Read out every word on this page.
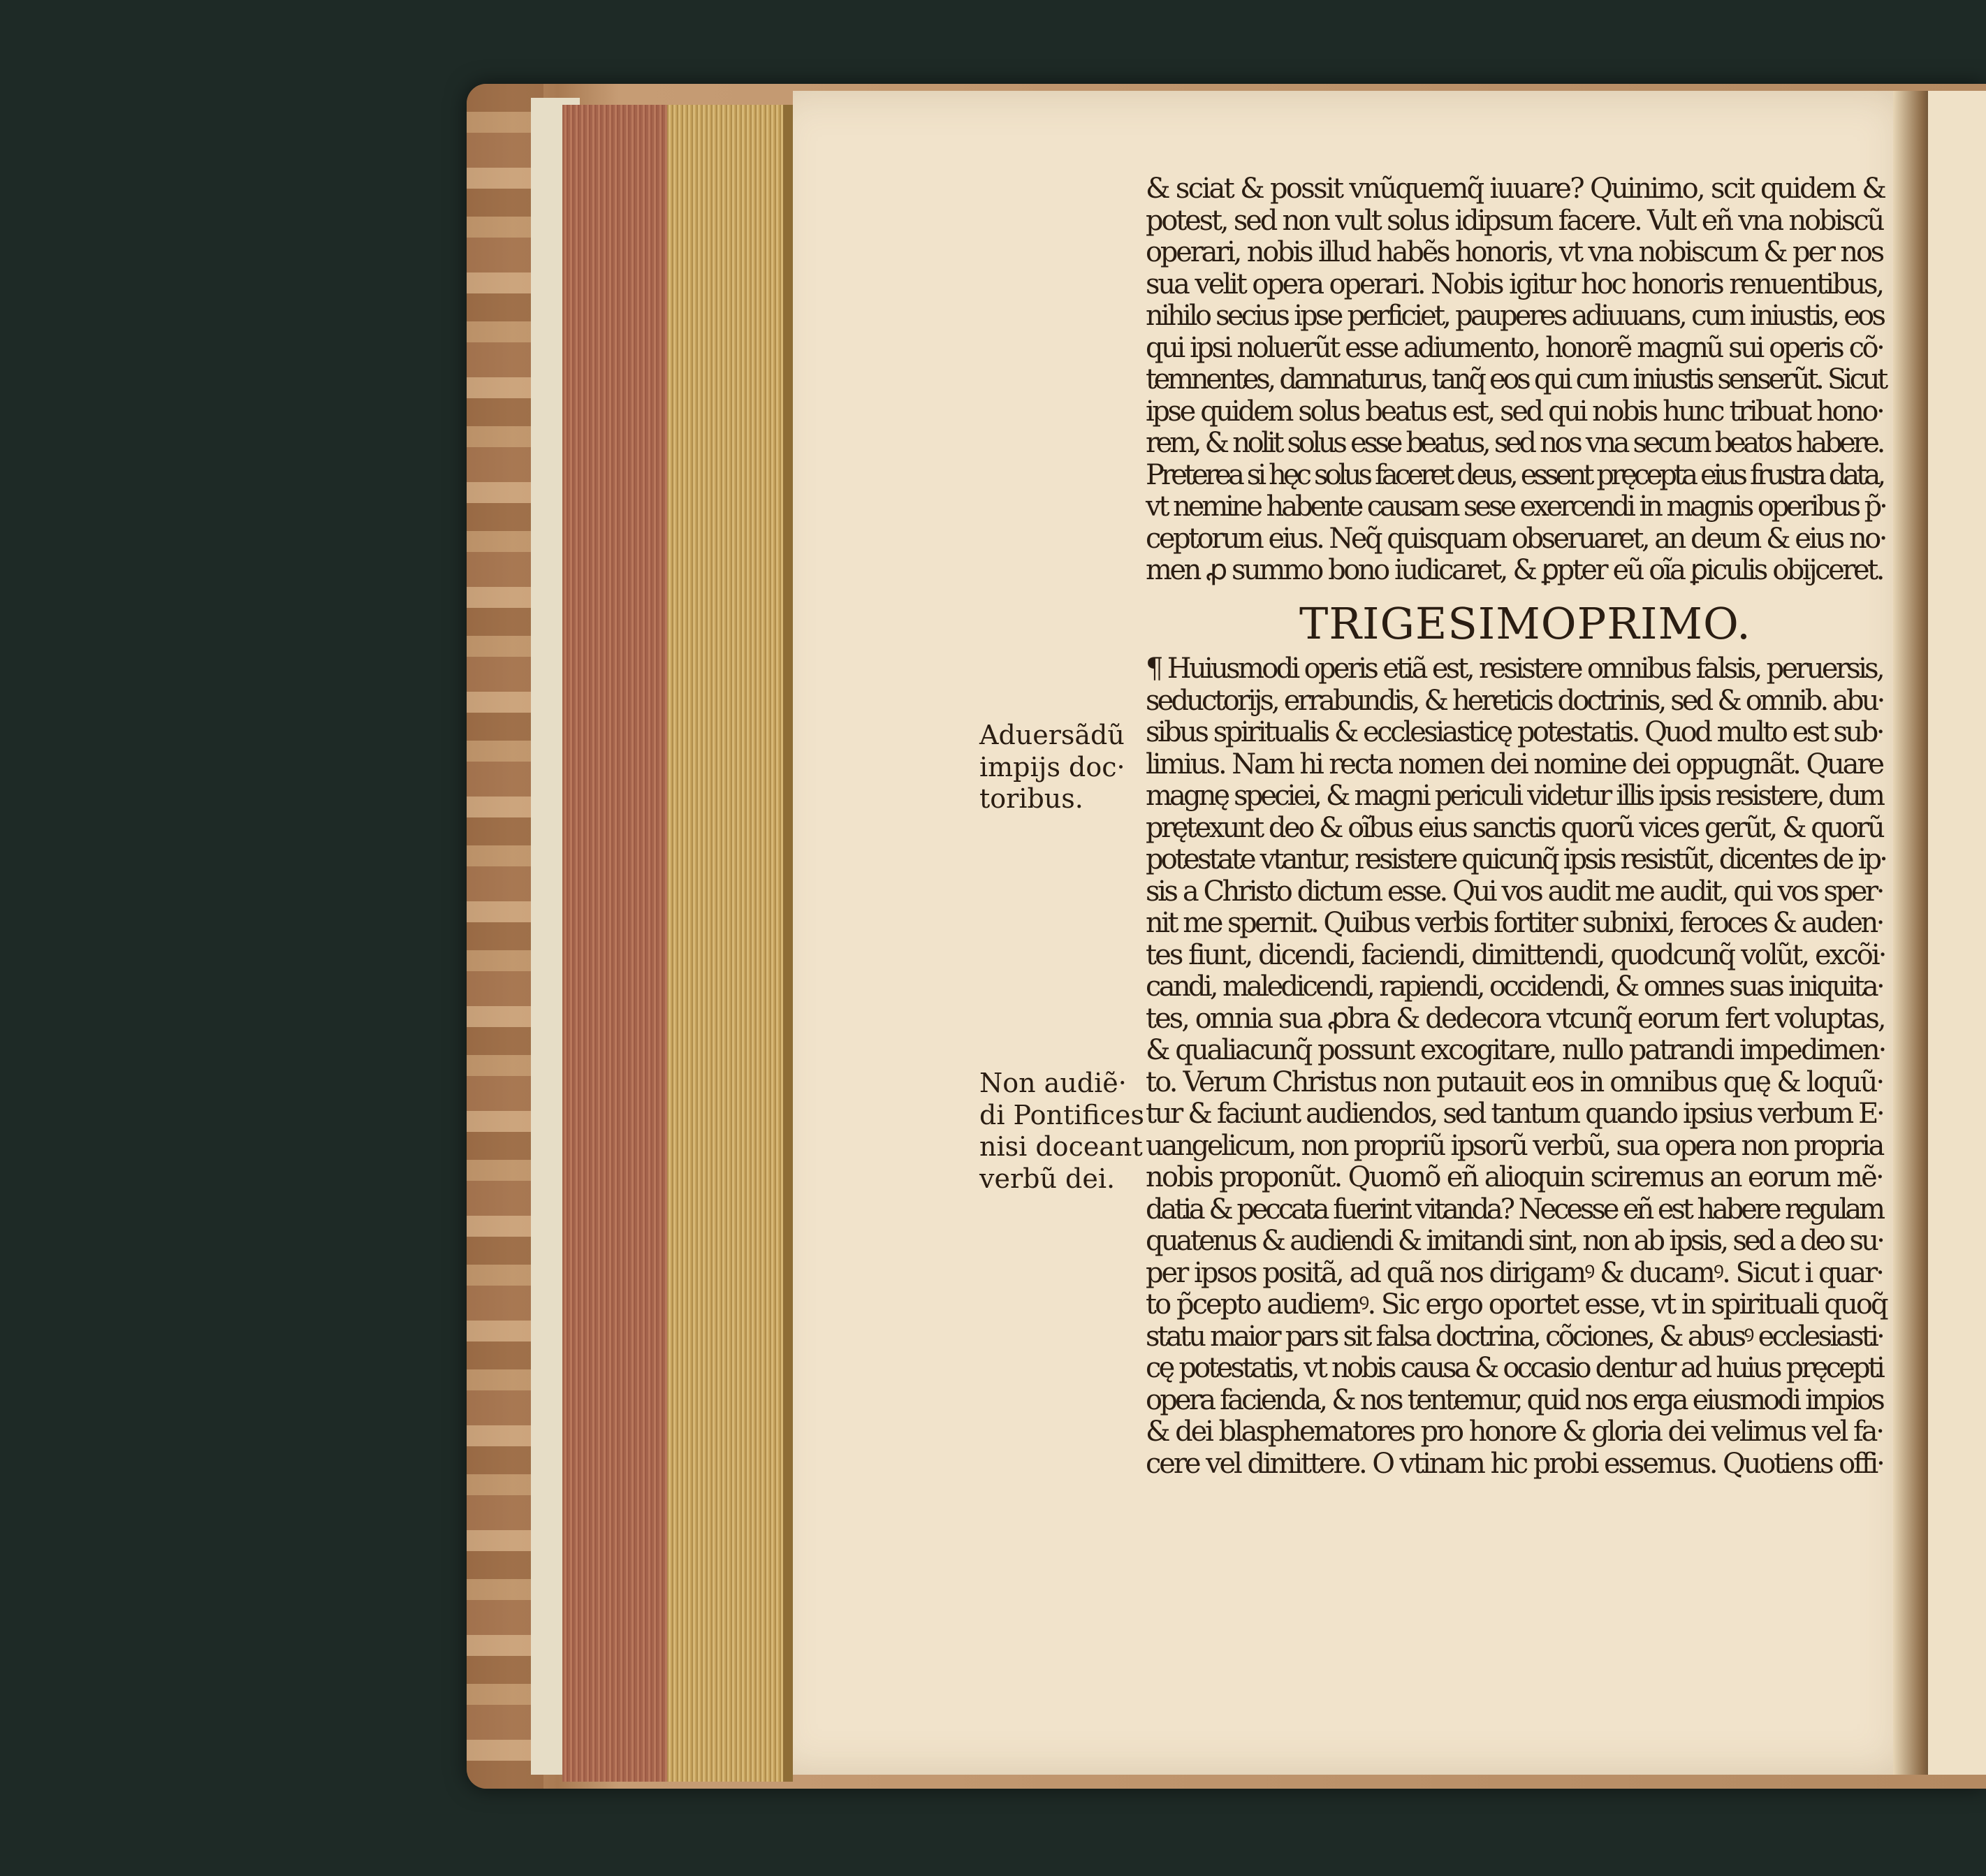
& sciat & possit vnũquemq̃ iuuare? Quinimo, scit quidem &
potest, sed non vult solus idipsum facere. Vult eñ vna nobiscũ
operari, nobis illud habẽs honoris, vt vna nobiscum & per nos
sua velit opera operari. Nobis igitur hoc honoris renuentibus,
nihilo secius ipse perficiet, pauperes adiuuans, cum iniustis, eos
qui ipsi noluerũt esse adiumento, honorẽ magnũ sui operis cõ·
temnentes, damnaturus, tanq̃ eos qui cum iniustis senserũt. Sicut
ipse quidem solus beatus est, sed qui nobis hunc tribuat hono·
rem, & nolit solus esse beatus, sed nos vna secum beatos habere.
Preterea si hęc solus faceret deus, essent pręcepta eius frustra data,
vt nemine habente causam sese exercendi in magnis operibus p̃·
ceptorum eius. Neq̃ quisquam obseruaret, an deum & eius no·
men ꝓ summo bono iudicaret, & ꝑpter eũ oĩa ꝑiculis obijceret.
TRIGESIMOPRIMO.
¶ Huiusmodi operis etiã est, resistere omnibus falsis, peruersis,
seductorijs, errabundis, & hereticis doctrinis, sed & omnib. abu·
sibus spiritualis & ecclesiasticę potestatis. Quod multo est sub·
limius. Nam hi recta nomen dei nomine dei oppugnãt. Quare
magnę speciei, & magni periculi videtur illis ipsis resistere, dum
prętexunt deo & oĩbus eius sanctis quorũ vices gerũt, & quorũ
potestate vtantur, resistere quicunq̃ ipsis resistũt, dicentes de ip·
sis a Christo dictum esse. Qui vos audit me audit, qui vos sper·
nit me spernit. Quibus verbis fortiter subnixi, feroces & auden·
tes fiunt, dicendi, faciendi, dimittendi, quodcunq̃ volũt, excõi·
candi, maledicendi, rapiendi, occidendi, & omnes suas iniquita·
tes, omnia sua ꝓbra & dedecora vtcunq̃ eorum fert voluptas,
& qualiacunq̃ possunt excogitare, nullo patrandi impedimen·
to. Verum Christus non putauit eos in omnibus quę & loquũ·
tur & faciunt audiendos, sed tantum quando ipsius verbum E·
uangelicum, non propriũ ipsorũ verbũ, sua opera non propria
nobis proponũt. Quomõ eñ alioquin sciremus an eorum mẽ·
datia & peccata fuerint vitanda? Necesse eñ est habere regulam
quatenus & audiendi & imitandi sint, non ab ipsis, sed a deo su·
per ipsos positã, ad quã nos dirigamꝰ & ducamꝰ. Sicut i quar·
to p̃cepto audiemꝰ. Sic ergo oportet esse, vt in spirituali quoq̃
statu maior pars sit falsa doctrina, cõciones, & abusꝰ ecclesiasti·
cę potestatis, vt nobis causa & occasio dentur ad huius pręcepti
opera facienda, & nos tentemur, quid nos erga eiusmodi impios
& dei blasphematores pro honore & gloria dei velimus vel fa·
cere vel dimittere. O vtinam hic probi essemus. Quotiens offi·
Aduersãdũ
impijs doc·
toribus.
Non audiẽ·
di Pontifices
nisi doceant
verbũ dei.
